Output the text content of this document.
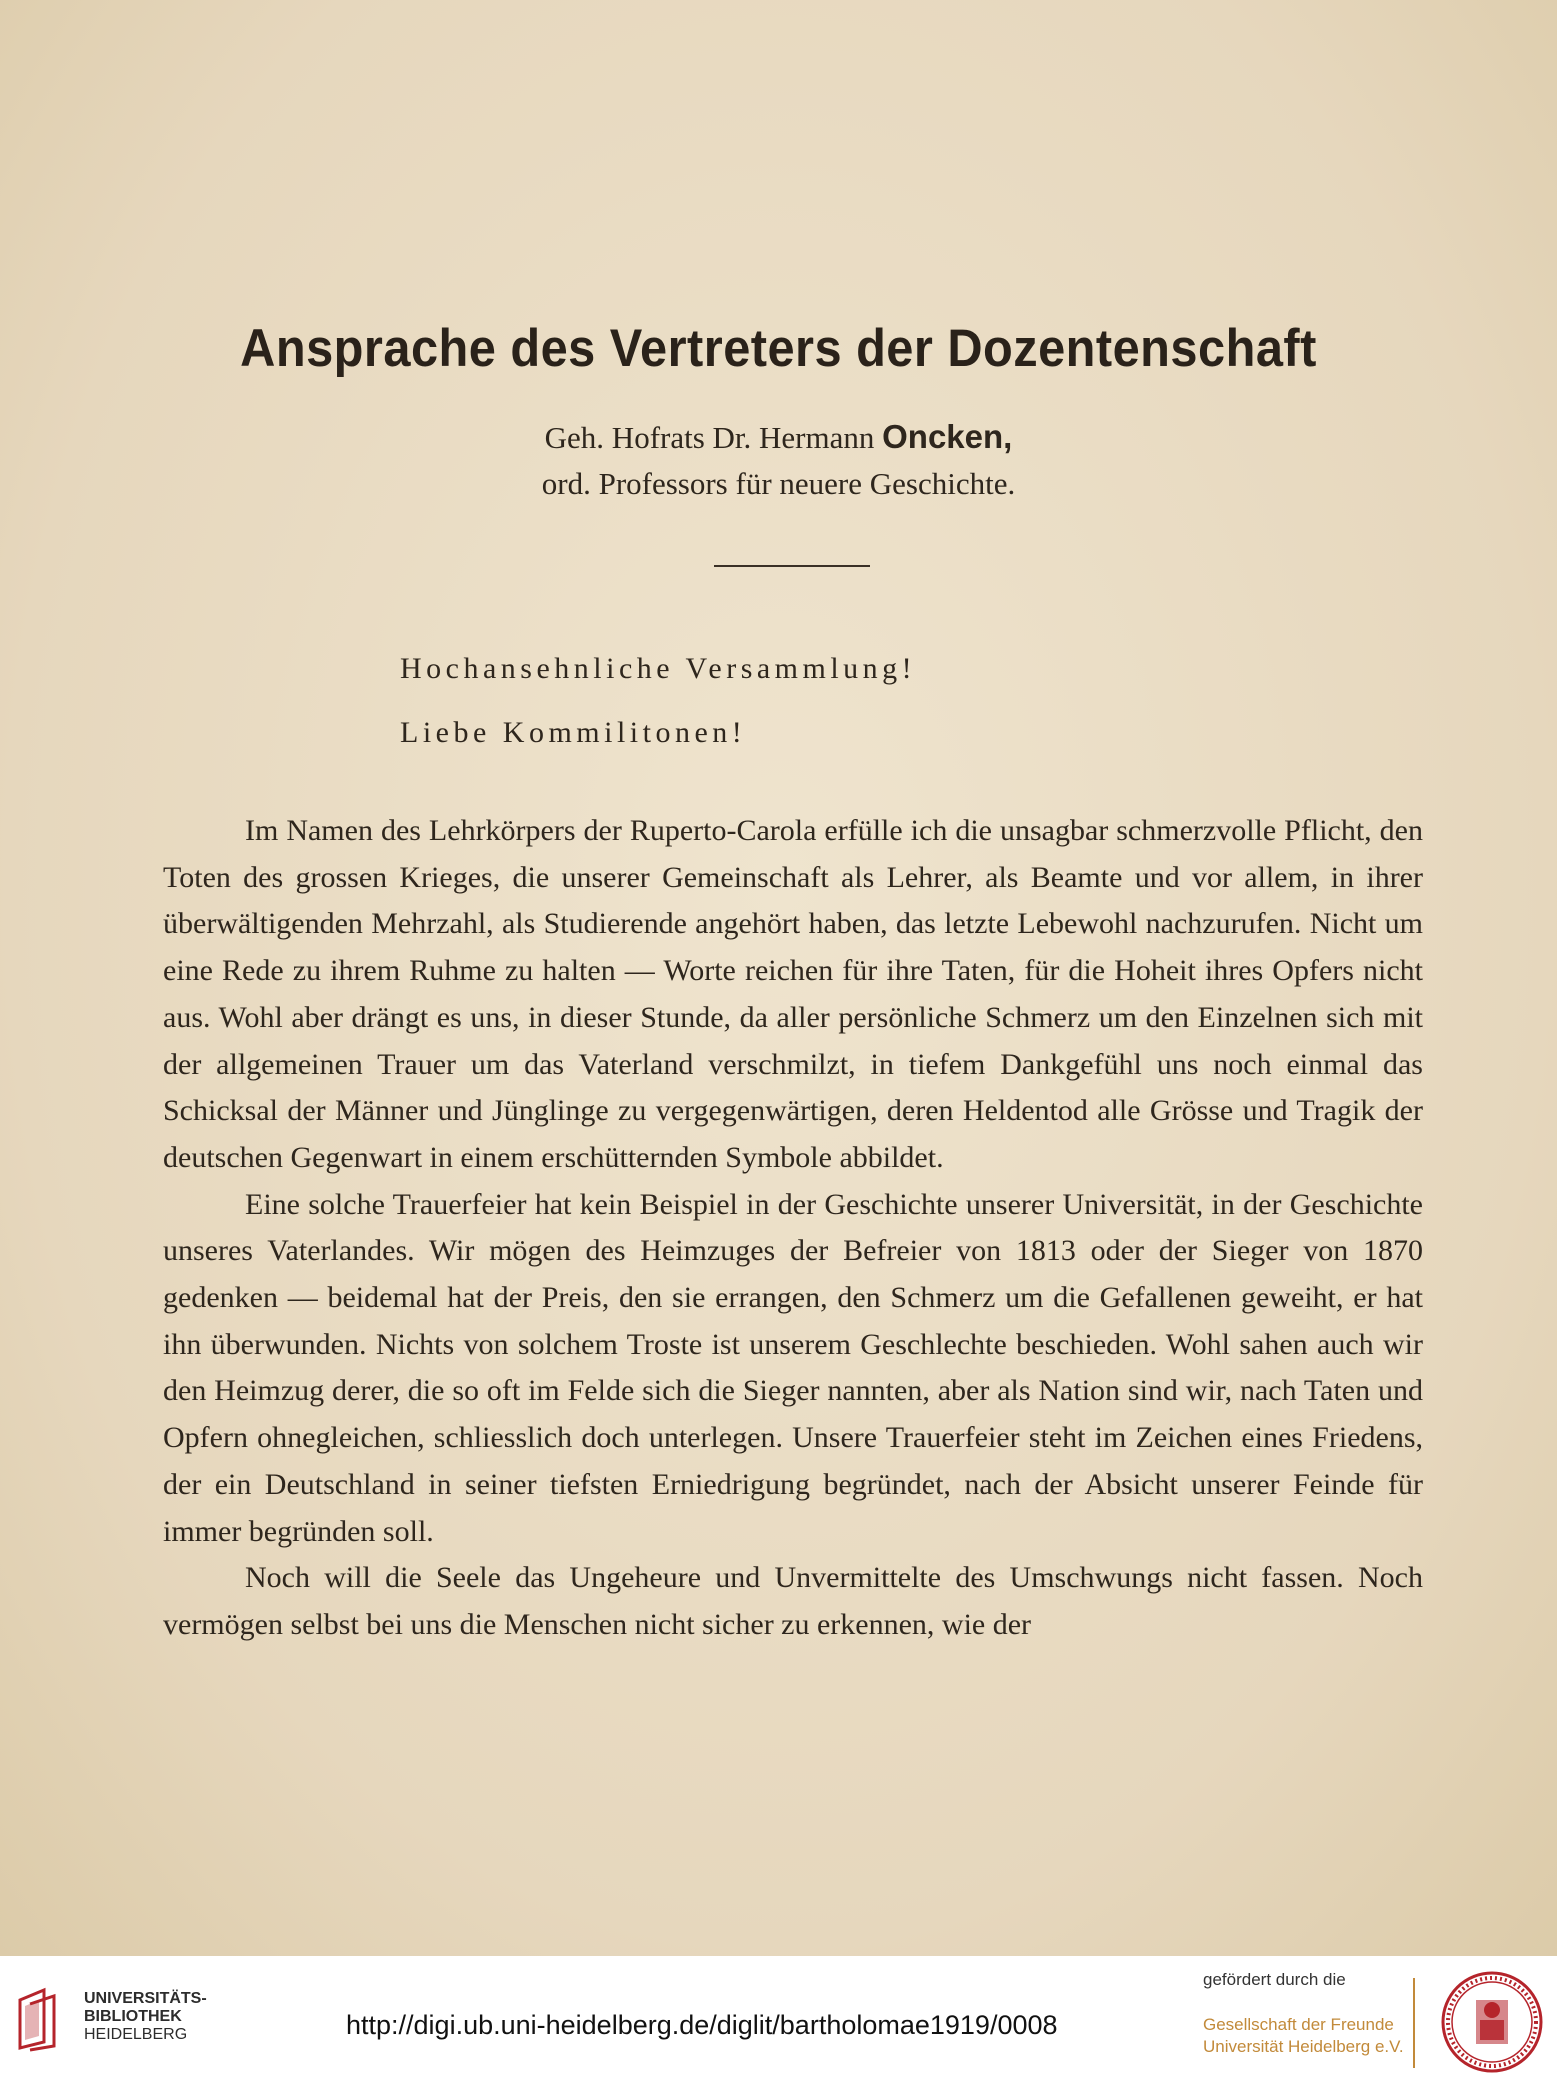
Ansprache des Vertreters der Dozentenschaft
Geh. Hofrats Dr. Hermann Oncken,
ord. Professors für neuere Geschichte.
Hochansehnliche Versammlung!
Liebe Kommilitonen!

Im Namen des Lehrkörpers der Ruperto-Carola erfülle ich die unsagbar schmerzvolle Pflicht, den Toten des grossen Krieges, die unserer Gemeinschaft als Lehrer, als Beamte und vor allem, in ihrer überwältigenden Mehrzahl, als Studierende angehört haben, das letzte Lebewohl nachzurufen. Nicht um eine Rede zu ihrem Ruhme zu halten — Worte reichen für ihre Taten, für die Hoheit ihres Opfers nicht aus. Wohl aber drängt es uns, in dieser Stunde, da aller persönliche Schmerz um den Einzelnen sich mit der allgemeinen Trauer um das Vaterland verschmilzt, in tiefem Dankgefühl uns noch einmal das Schicksal der Männer und Jünglinge zu vergegenwärtigen, deren Heldentod alle Grösse und Tragik der deutschen Gegenwart in einem erschütternden Symbole abbildet.

Eine solche Trauerfeier hat kein Beispiel in der Geschichte unserer Universität, in der Geschichte unseres Vaterlandes. Wir mögen des Heimzuges der Befreier von 1813 oder der Sieger von 1870 gedenken — beidemal hat der Preis, den sie errangen, den Schmerz um die Gefallenen geweiht, er hat ihn überwunden. Nichts von solchem Troste ist unserem Geschlechte beschieden. Wohl sahen auch wir den Heimzug derer, die so oft im Felde sich die Sieger nannten, aber als Nation sind wir, nach Taten und Opfern ohnegleichen, schliesslich doch unterlegen. Unsere Trauerfeier steht im Zeichen eines Friedens, der ein Deutschland in seiner tiefsten Erniedrigung begründet, nach der Absicht unserer Feinde für immer begründen soll.

Noch will die Seele das Ungeheure und Unvermittelte des Umschwungs nicht fassen. Noch vermögen selbst bei uns die Menschen nicht sicher zu erkennen, wie der

UNIVERSITÄTS-
BIBLIOTHEK
HEIDELBERG	http://digi.ub.uni-heidelberg.de/diglit/bartholomae1919/0008
gefördert durch die
Gesellschaft der Freunde
Universität Heidelberg e.V.
